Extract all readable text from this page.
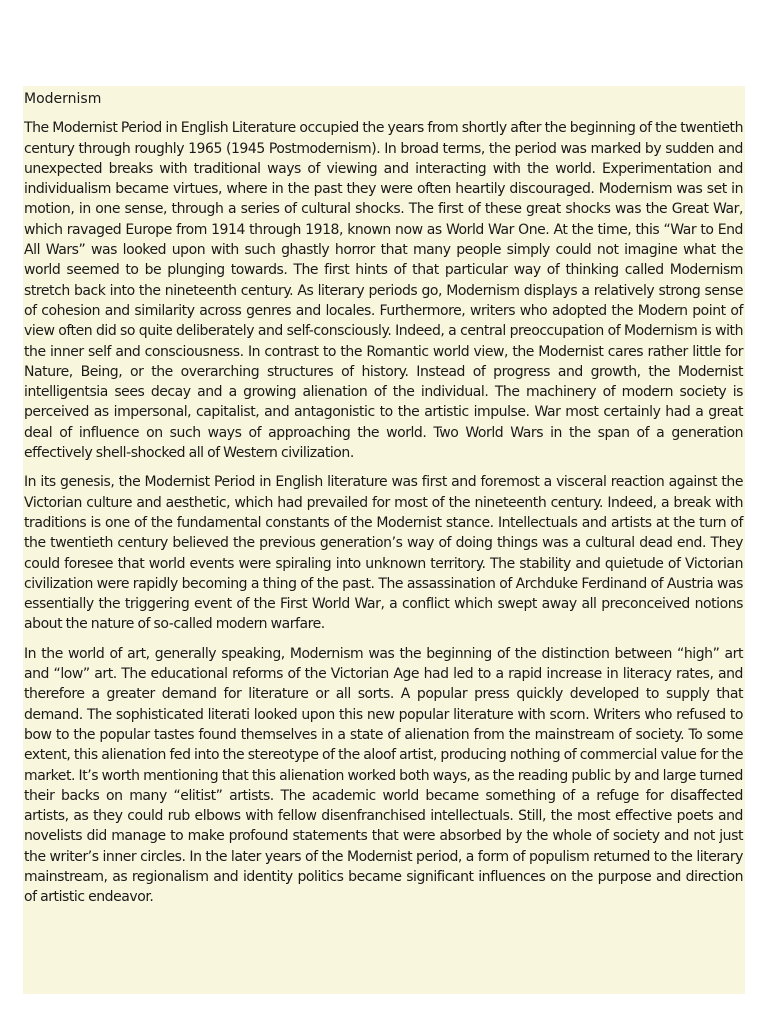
Modernism

The Modernist Period in English Literature occupied the years from shortly after the beginning of the twentieth century through roughly 1965 (1945 Postmodernism). In broad terms, the period was marked by sudden and unexpected breaks with traditional ways of viewing and interacting with the world. Experimentation and individualism became virtues, where in the past they were often heartily discouraged. Modernism was set in motion, in one sense, through a series of cultural shocks. The first of these great shocks was the Great War, which ravaged Europe from 1914 through 1918, known now as World War One. At the time, this “War to End All Wars” was looked upon with such ghastly horror that many people simply could not imagine what the world seemed to be plunging towards. The first hints of that particular way of thinking called Modernism stretch back into the nineteenth century. As literary periods go, Modernism displays a relatively strong sense of cohesion and similarity across genres and locales. Furthermore, writers who adopted the Modern point of view often did so quite deliberately and self-consciously. Indeed, a central preoccupation of Modernism is with the inner self and consciousness. In contrast to the Romantic world view, the Modernist cares rather little for Nature, Being, or the overarching structures of history. Instead of progress and growth, the Modernist intelligentsia sees decay and a growing alienation of the individual. The machinery of modern society is perceived as impersonal, capitalist, and antagonistic to the artistic impulse. War most certainly had a great deal of influence on such ways of approaching the world. Two World Wars in the span of a generation effectively shell-shocked all of Western civilization.

In its genesis, the Modernist Period in English literature was first and foremost a visceral reaction against the Victorian culture and aesthetic, which had prevailed for most of the nineteenth century. Indeed, a break with traditions is one of the fundamental constants of the Modernist stance. Intellectuals and artists at the turn of the twentieth century believed the previous generation’s way of doing things was a cultural dead end. They could foresee that world events were spiraling into unknown territory. The stability and quietude of Victorian civilization were rapidly becoming a thing of the past. The assassination of Archduke Ferdinand of Austria was essentially the triggering event of the First World War, a conflict which swept away all preconceived notions about the nature of so-called modern warfare.

In the world of art, generally speaking, Modernism was the beginning of the distinction between “high” art and “low” art. The educational reforms of the Victorian Age had led to a rapid increase in literacy rates, and therefore a greater demand for literature or all sorts. A popular press quickly developed to supply that demand. The sophisticated literati looked upon this new popular literature with scorn. Writers who refused to bow to the popular tastes found themselves in a state of alienation from the mainstream of society. To some extent, this alienation fed into the stereotype of the aloof artist, producing nothing of commercial value for the market. It’s worth mentioning that this alienation worked both ways, as the reading public by and large turned their backs on many “elitist” artists. The academic world became something of a refuge for disaffected artists, as they could rub elbows with fellow disenfranchised intellectuals. Still, the most effective poets and novelists did manage to make profound statements that were absorbed by the whole of society and not just the writer’s inner circles. In the later years of the Modernist period, a form of populism returned to the literary mainstream, as regionalism and identity politics became significant influences on the purpose and direction of artistic endeavor.
